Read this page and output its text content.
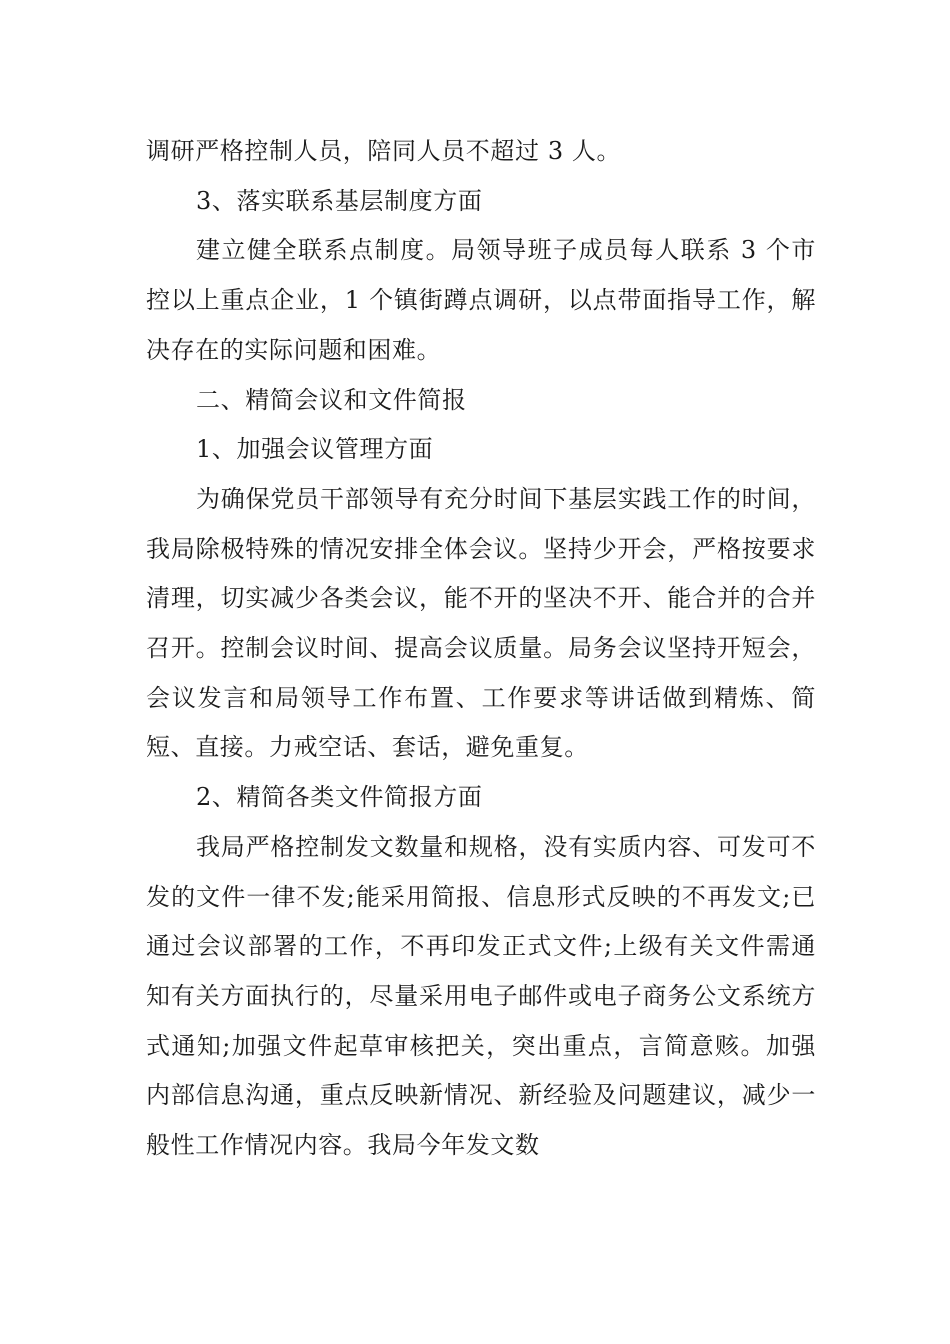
调研严格控制人员，陪同人员不超过 3 人。

3、落实联系基层制度方面

建立健全联系点制度。局领导班子成员每人联系 3 个市控以上重点企业，1 个镇街蹲点调研，以点带面指导工作，解决存在的实际问题和困难。

二、精简会议和文件简报

1、加强会议管理方面

为确保党员干部领导有充分时间下基层实践工作的时间，我局除极特殊的情况安排全体会议。坚持少开会，严格按要求清理，切实减少各类会议，能不开的坚决不开、能合并的合并召开。控制会议时间、提高会议质量。局务会议坚持开短会，会议发言和局领导工作布置、工作要求等讲话做到精炼、简短、直接。力戒空话、套话，避免重复。

2、精简各类文件简报方面

我局严格控制发文数量和规格，没有实质内容、可发可不发的文件一律不发;能采用简报、信息形式反映的不再发文;已通过会议部署的工作，不再印发正式文件;上级有关文件需通知有关方面执行的，尽量采用电子邮件或电子商务公文系统方式通知;加强文件起草审核把关，突出重点，言简意赅。加强内部信息沟通，重点反映新情况、新经验及问题建议，减少一般性工作情况内容。我局今年发文数
